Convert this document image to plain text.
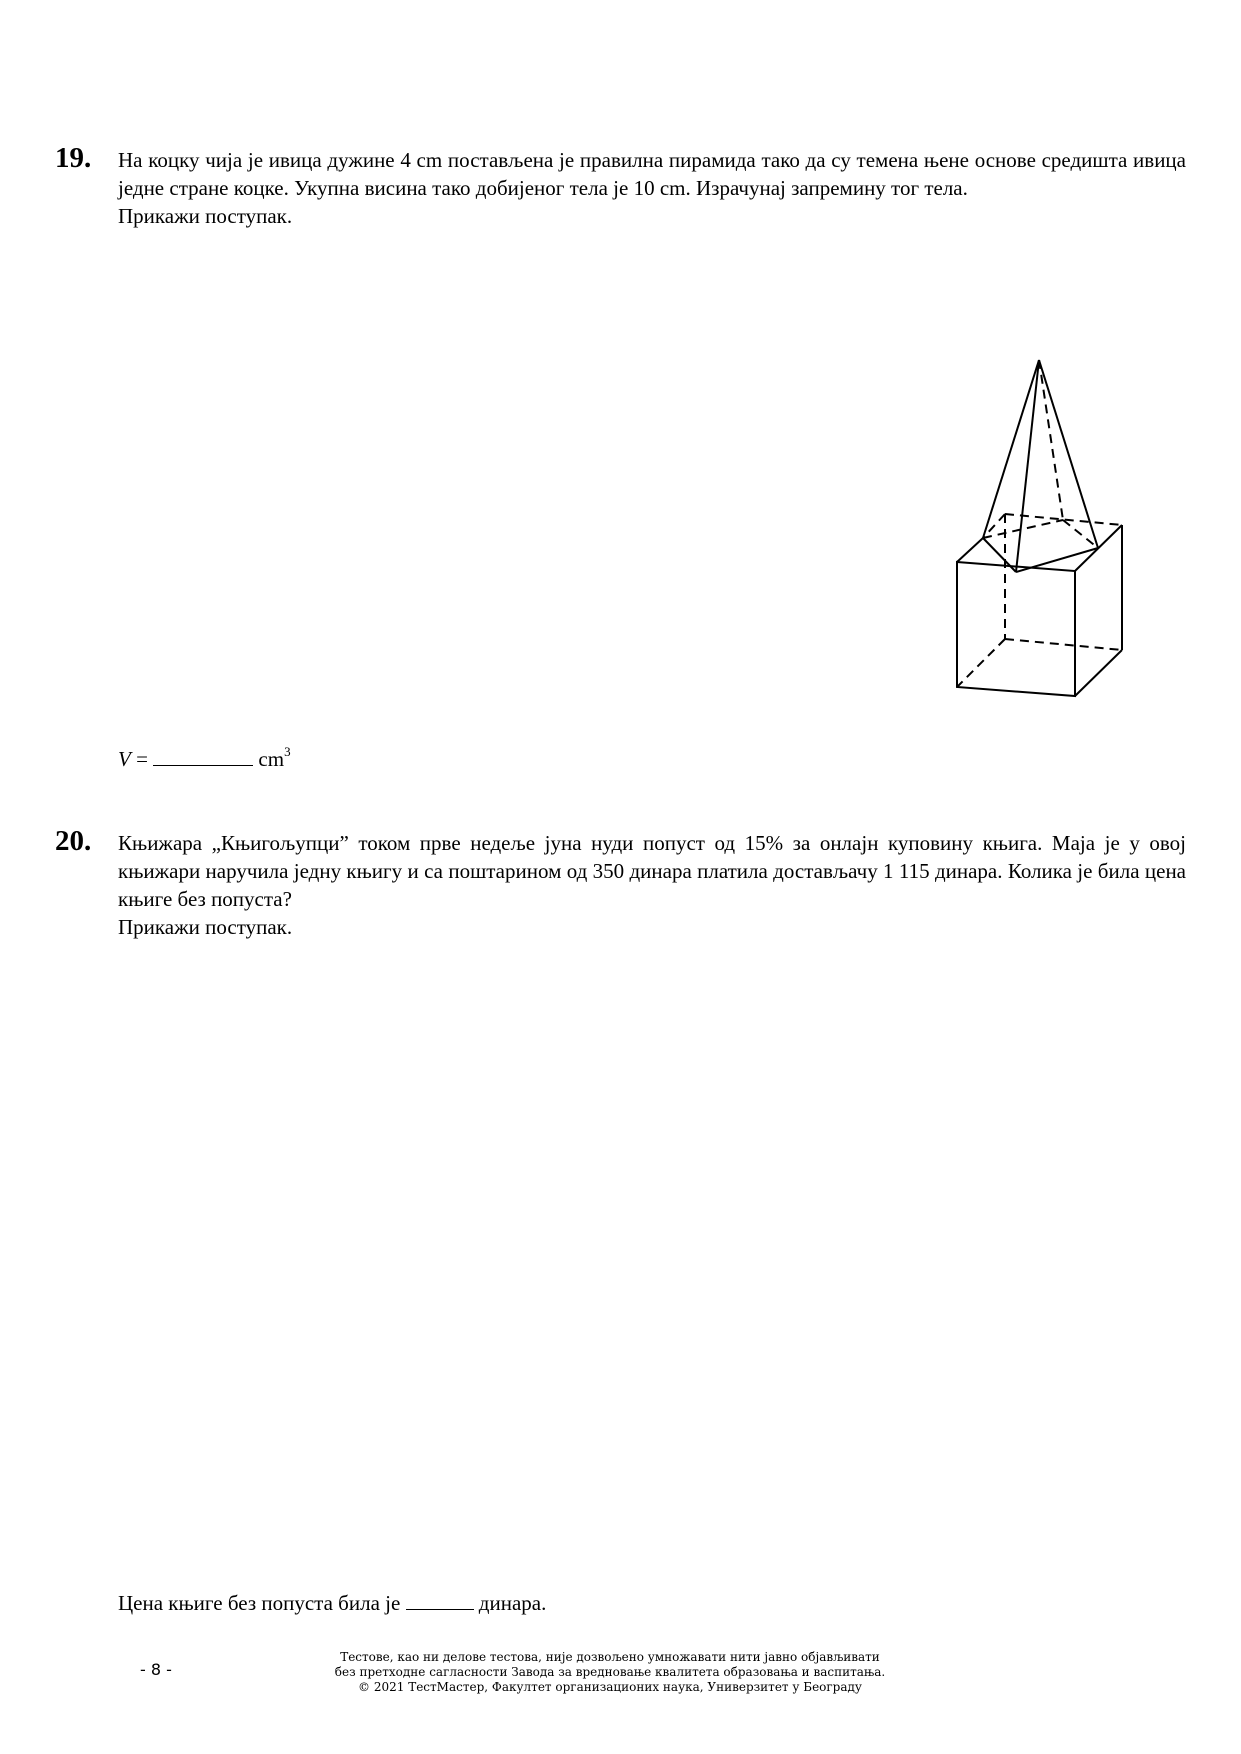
19. На коцку чија је ивица дужине 4 cm постављена је правилна пирамида тако да су темена њене основе средишта ивица једне стране коцке. Укупна висина тако добијеног тела је 10 cm. Израчунај запремину тог тела.

Прикажи поступак.

V =	$cm^3$
20. Књижара „Књигољупци” током прве недеље јуна нуди попуст од 15% за онлајн куповину књига. Маја је у овој књижари наручила једну књигу и са поштарином од 350 динара платила достављачу 1 115 динара. Колика је била цена књиге без попуста?

Прикажи поступак.

Цена књиге без попуста била је	динара.
- 8 -
Тестове, као ни делове тестова, није дозвољено умножавати нити јавно објављивати
без претходне сагласности Завода за вредновање квалитета образовања и васпитања.
© 2021 ТестМастер, Факултет организационих наука, Универзитет у Београду
